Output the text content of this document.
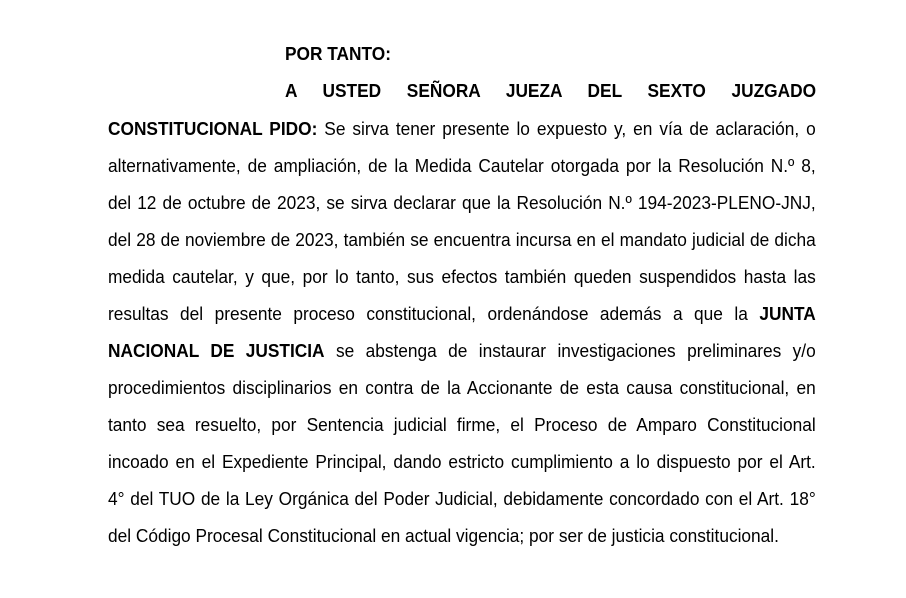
POR TANTO:
A USTED SEÑORA JUEZA DEL SEXTO JUZGADO
CONSTITUCIONAL PIDO: Se sirva tener presente lo expuesto y, en vía de aclaración, o
alternativamente, de ampliación, de la Medida Cautelar otorgada por la Resolución N.º 8,
del 12 de octubre de 2023, se sirva declarar que la Resolución N.º 194-2023-PLENO-JNJ,
del 28 de noviembre de 2023, también se encuentra incursa en el mandato judicial de dicha
medida cautelar, y que, por lo tanto, sus efectos también queden suspendidos hasta las
resultas del presente proceso constitucional, ordenándose además a que la JUNTA
NACIONAL DE JUSTICIA se abstenga de instaurar investigaciones preliminares y/o
procedimientos disciplinarios en contra de la Accionante de esta causa constitucional, en
tanto sea resuelto, por Sentencia judicial firme, el Proceso de Amparo Constitucional
incoado en el Expediente Principal, dando estricto cumplimiento a lo dispuesto por el Art.
4° del TUO de la Ley Orgánica del Poder Judicial, debidamente concordado con el Art. 18°
del Código Procesal Constitucional en actual vigencia; por ser de justicia constitucional.
